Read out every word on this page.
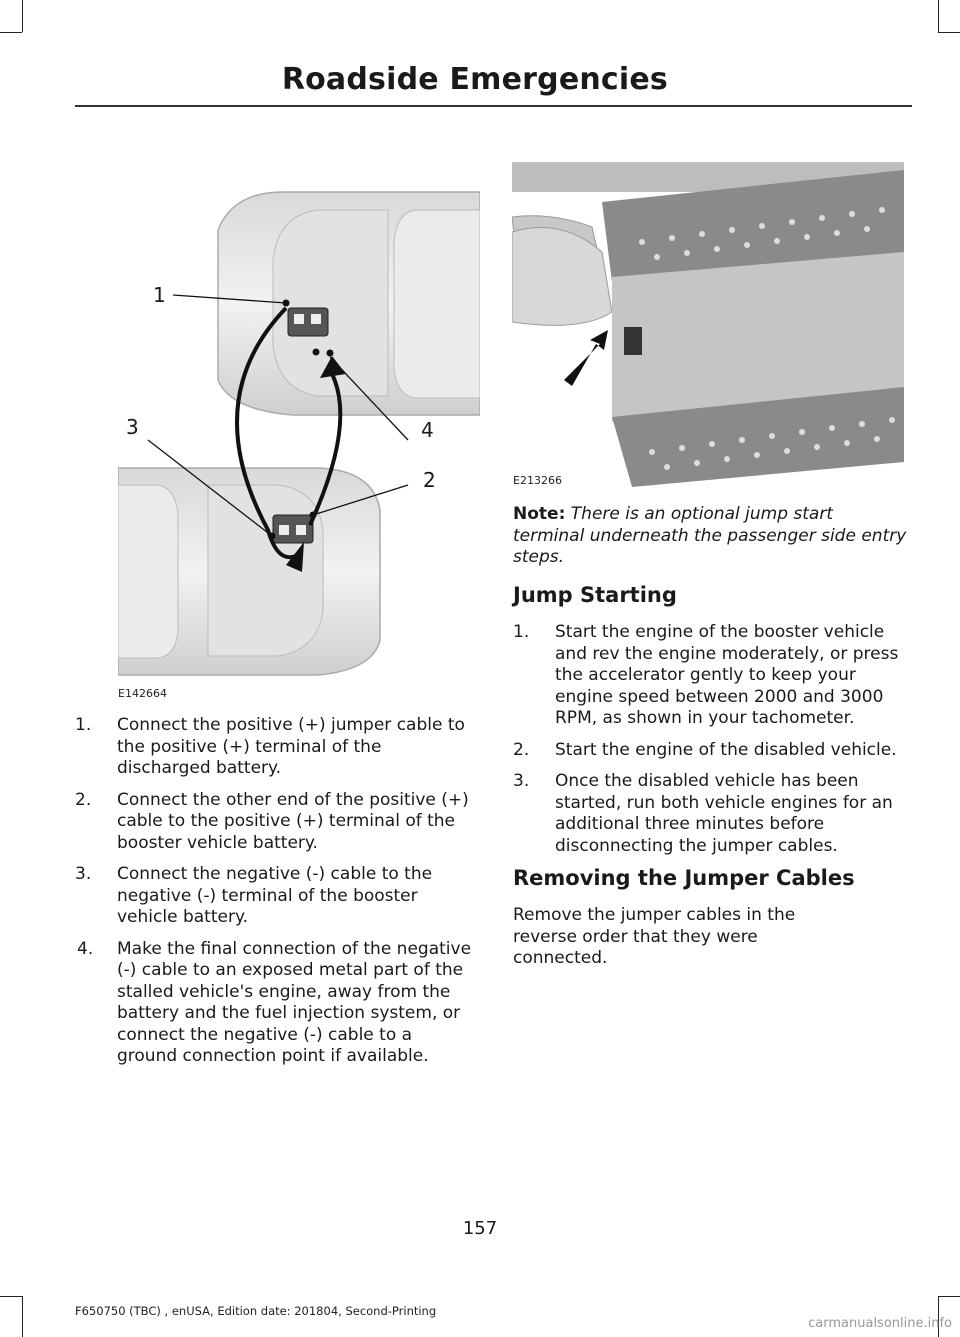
Roadside Emergencies
1
4
3
2
E142664
E213266
1. Connect the positive (+) jumper cable to the positive (+) terminal of the discharged battery.
2. Connect the other end of the positive (+) cable to the positive (+) terminal of the booster vehicle battery.
3. Connect the negative (-) cable to the negative (-) terminal of the booster vehicle battery.
4. Make the final connection of the negative (-) cable to an exposed metal part of the stalled vehicle's engine, away from the battery and the fuel injection system, or connect the negative (-) cable to a ground connection point if available.
Note: There is an optional jump start terminal underneath the passenger side entry steps.
Jump Starting
1. Start the engine of the booster vehicle and rev the engine moderately, or press the accelerator gently to keep your engine speed between 2000 and 3000 RPM, as shown in your tachometer.
2. Start the engine of the disabled vehicle.
3. Once the disabled vehicle has been started, run both vehicle engines for an additional three minutes before disconnecting the jumper cables.
Removing the Jumper Cables
Remove the jumper cables in the reverse order that they were connected.
157
F650750 (TBC) , enUSA, Edition date: 201804, Second-Printing
carmanualsonline.info
